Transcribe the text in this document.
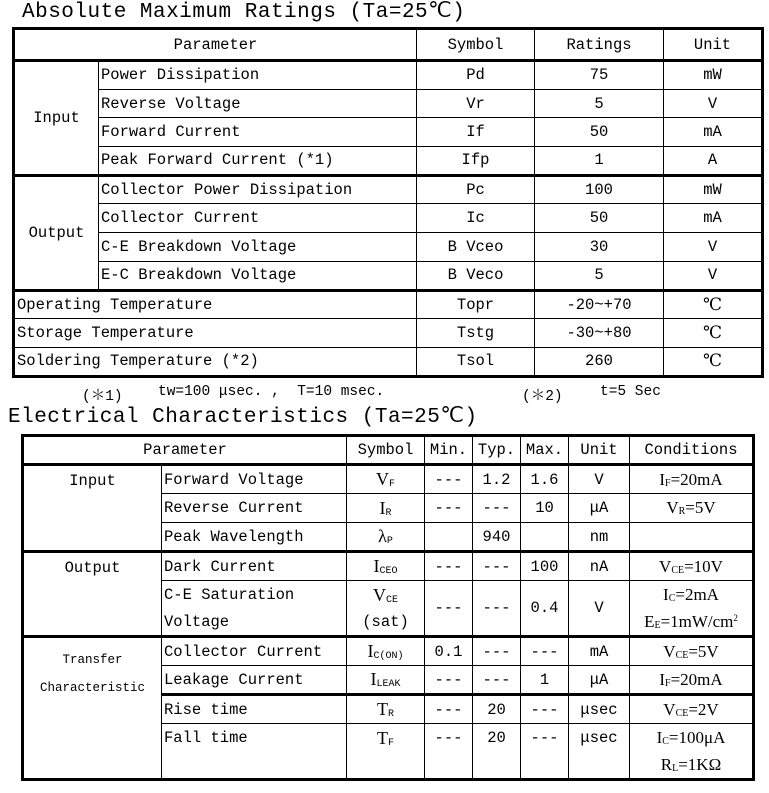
Absolute Maximum Ratings (Ta=25℃)
Parameter		Symbol	Ratings	Unit
Input	Power Dissipation	Pd	75	mW
	Reverse Voltage	Vr	5	V
	Forward Current	If	50	mA
	Peak Forward Current (*1)	Ifp	1	A
Output	Collector Power Dissipation	Pc	100	mW
	Collector Current	Ic	50	mA
	C-E Breakdown Voltage	B Vceo	30	V
	E-C Breakdown Voltage	B Veco	5	V
Operating Temperature		Topr	-20~+70	℃
Storage Temperature		Tstg	-30~+80	℃
Soldering Temperature (*2)		Tsol	260	℃

(＊1)

tw=100 μsec. ,  T=10 msec.

	(＊2)

	t=5 Sec

Electrical Characteristics (Ta=25℃)
Parameter		Symbol	Min.	Typ.	Max.	Unit	Conditions
Input	Forward Voltage	VF	---	1.2	1.6	V	IF=20mA
	Reverse Current	IR	---	---	10	μA	VR=5V
	Peak Wavelength	λP		940		nm	
Output	Dark Current	ICEO	---	---	100	nA	VCE=10V
	C-E Saturation	VCE	---	---	0.4	V	IC=2mA
	Voltage	(sat)					$EE=1mW/cm^2$
Transfer
Characteristic	Collector Current	IC(ON)	0.1	---	---	mA	VCE=5V
	Leakage Current	ILEAK	---	---	1	μA	IF=20mA
	Rise time	TR	---	20	---	μsec	VCE=2V
	Fall time	TF	---	20	---	μsec	IC=100μA
							RL=1KΩ
